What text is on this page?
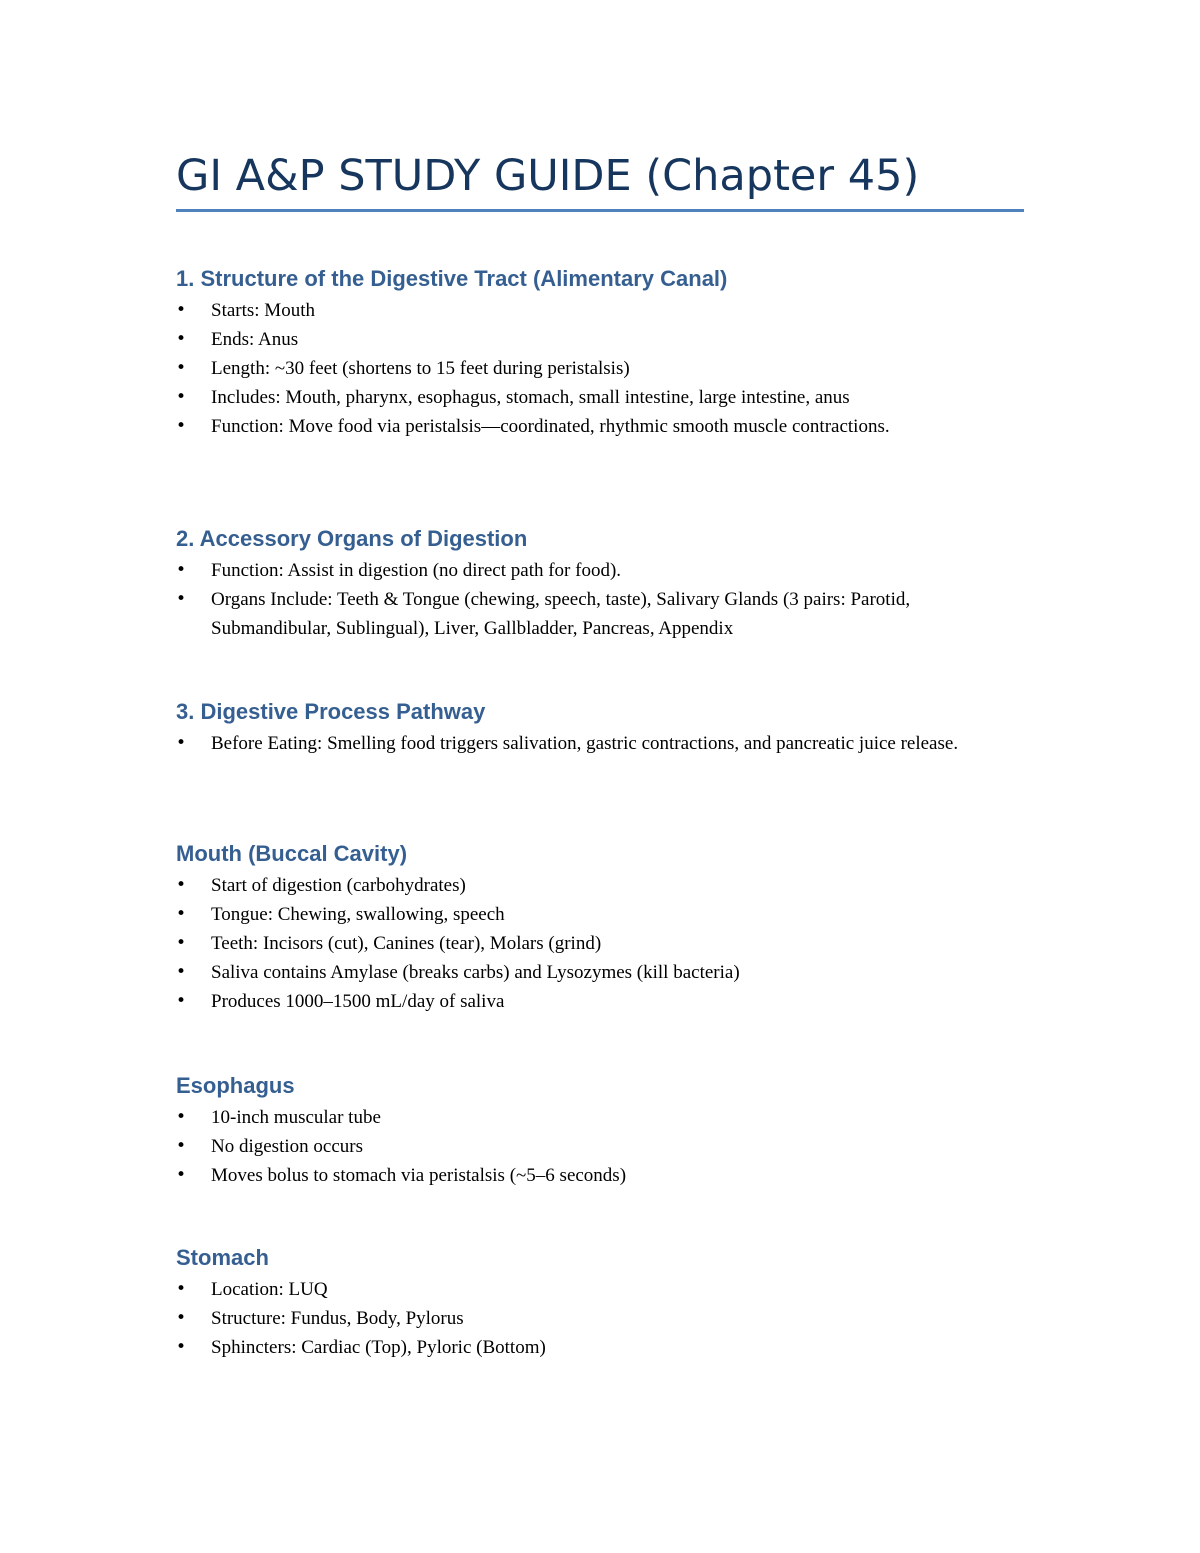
GI A&P STUDY GUIDE (Chapter 45)
1. Structure of the Digestive Tract (Alimentary Canal)
• Starts: Mouth
• Ends: Anus
• Length: ~30 feet (shortens to 15 feet during peristalsis)
• Includes: Mouth, pharynx, esophagus, stomach, small intestine, large intestine, anus
• Function: Move food via peristalsis—coordinated, rhythmic smooth muscle contractions.
2. Accessory Organs of Digestion
• Function: Assist in digestion (no direct path for food).
• Organs Include: Teeth & Tongue (chewing, speech, taste), Salivary Glands (3 pairs: Parotid, Submandibular, Sublingual), Liver, Gallbladder, Pancreas, Appendix
3. Digestive Process Pathway
• Before Eating: Smelling food triggers salivation, gastric contractions, and pancreatic juice release.
Mouth (Buccal Cavity)
• Start of digestion (carbohydrates)
• Tongue: Chewing, swallowing, speech
• Teeth: Incisors (cut), Canines (tear), Molars (grind)
• Saliva contains Amylase (breaks carbs) and Lysozymes (kill bacteria)
• Produces 1000–1500 mL/day of saliva
Esophagus
• 10-inch muscular tube
• No digestion occurs
• Moves bolus to stomach via peristalsis (~5–6 seconds)
Stomach
• Location: LUQ
• Structure: Fundus, Body, Pylorus
• Sphincters: Cardiac (Top), Pyloric (Bottom)
